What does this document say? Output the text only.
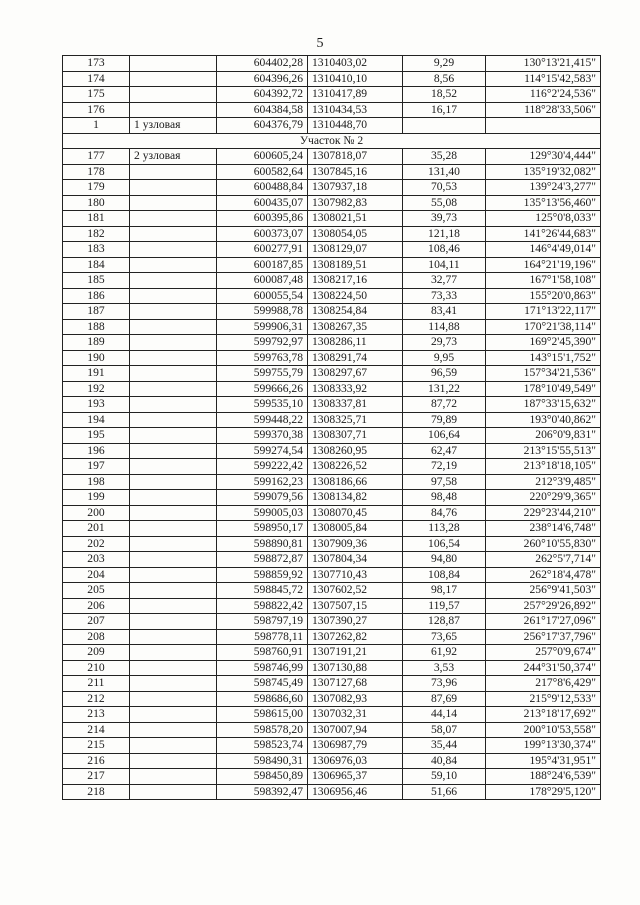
5
173		604402,28	1310403,02	9,29	130°13'21,415"
174		604396,26	1310410,10	8,56	114°15'42,583"
175		604392,72	1310417,89	18,52	116°2'24,536"
176		604384,58	1310434,53	16,17	118°28'33,506"
1	1 узловая	604376,79	1310448,70		
Участок № 2					
177	2 узловая	600605,24	1307818,07	35,28	129°30'4,444"
178		600582,64	1307845,16	131,40	135°19'32,082"
179		600488,84	1307937,18	70,53	139°24'3,277"
180		600435,07	1307982,83	55,08	135°13'56,460"
181		600395,86	1308021,51	39,73	125°0'8,033"
182		600373,07	1308054,05	121,18	141°26'44,683"
183		600277,91	1308129,07	108,46	146°4'49,014"
184		600187,85	1308189,51	104,11	164°21'19,196"
185		600087,48	1308217,16	32,77	167°1'58,108"
186		600055,54	1308224,50	73,33	155°20'0,863"
187		599988,78	1308254,84	83,41	171°13'22,117"
188		599906,31	1308267,35	114,88	170°21'38,114"
189		599792,97	1308286,11	29,73	169°2'45,390"
190		599763,78	1308291,74	9,95	143°15'1,752"
191		599755,79	1308297,67	96,59	157°34'21,536"
192		599666,26	1308333,92	131,22	178°10'49,549"
193		599535,10	1308337,81	87,72	187°33'15,632"
194		599448,22	1308325,71	79,89	193°0'40,862"
195		599370,38	1308307,71	106,64	206°0'9,831"
196		599274,54	1308260,95	62,47	213°15'55,513"
197		599222,42	1308226,52	72,19	213°18'18,105"
198		599162,23	1308186,66	97,58	212°3'9,485"
199		599079,56	1308134,82	98,48	220°29'9,365"
200		599005,03	1308070,45	84,76	229°23'44,210"
201		598950,17	1308005,84	113,28	238°14'6,748"
202		598890,81	1307909,36	106,54	260°10'55,830"
203		598872,87	1307804,34	94,80	262°5'7,714"
204		598859,92	1307710,43	108,84	262°18'4,478"
205		598845,72	1307602,52	98,17	256°9'41,503"
206		598822,42	1307507,15	119,57	257°29'26,892"
207		598797,19	1307390,27	128,87	261°17'27,096"
208		598778,11	1307262,82	73,65	256°17'37,796"
209		598760,91	1307191,21	61,92	257°0'9,674"
210		598746,99	1307130,88	3,53	244°31'50,374"
211		598745,49	1307127,68	73,96	217°8'6,429"
212		598686,60	1307082,93	87,69	215°9'12,533"
213		598615,00	1307032,31	44,14	213°18'17,692"
214		598578,20	1307007,94	58,07	200°10'53,558"
215		598523,74	1306987,79	35,44	199°13'30,374"
216		598490,31	1306976,03	40,84	195°4'31,951"
217		598450,89	1306965,37	59,10	188°24'6,539"
218		598392,47	1306956,46	51,66	178°29'5,120"
